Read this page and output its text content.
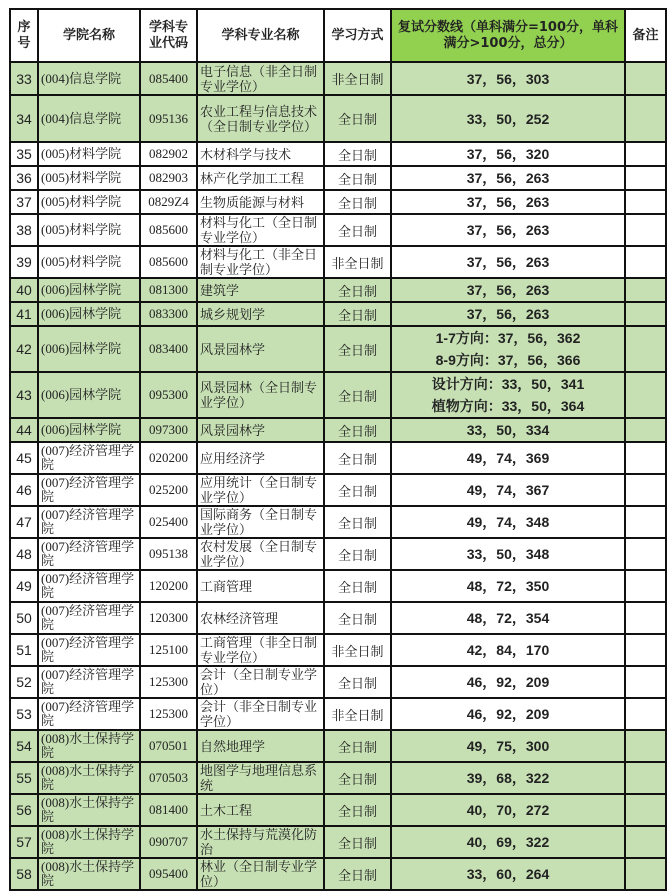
序号	学院名称	学科专业代码	学科专业名称	学习方式	复试分数线（单科满分=100分，单科满分>100分，总分）	备注
33	(004)信息学院	085400	电子信息（非全日制专业学位）	非全日制	37，56，303	

34	(004)信息学院	095136	农业工程与信息技术（全日制专业学位）	全日制	33，50，252	

35	(005)材料学院	082902	木材科学与技术	全日制	37，56，320	

36	(005)材料学院	082903	林产化学加工工程	全日制	37，56，263	

37	(005)材料学院	0829Z4	生物质能源与材料	全日制	37，56，263	

38	(005)材料学院	085600	材料与化工（全日制专业学位）	全日制	37，56，263	

39	(005)材料学院	085600	材料与化工（非全日制专业学位）	非全日制	37，56，263	

40	(006)园林学院	081300	建筑学	全日制	37，56，263	

41	(006)园林学院	083300	城乡规划学	全日制	37，56，263	

42	(006)园林学院	083400	风景园林学	全日制	1-7方向：37，56，362
8-9方向：37，56，366	

43	(006)园林学院	095300	风景园林（全日制专业学位）	全日制	设计方向：33，50，341
植物方向：33，50，364	

44	(006)园林学院	097300	风景园林学	全日制	33，50，334	

45	(007)经济管理学院	020200	应用经济学	全日制	49，74，369	

46	(007)经济管理学院	025200	应用统计（全日制专业学位）	全日制	49，74，367	

47	(007)经济管理学院	025400	国际商务（全日制专业学位）	全日制	49，74，348	

48	(007)经济管理学院	095138	农村发展（全日制专业学位）	全日制	33，50，348	

49	(007)经济管理学院	120200	工商管理	全日制	48，72，350	

50	(007)经济管理学院	120300	农林经济管理	全日制	48，72，354	

51	(007)经济管理学院	125100	工商管理（非全日制专业学位）	非全日制	42，84，170	

52	(007)经济管理学院	125300	会计（全日制专业学位）	全日制	46，92，209	

53	(007)经济管理学院	125300	会计（非全日制专业学位）	非全日制	46，92，209	

54	(008)水土保持学院	070501	自然地理学	全日制	49，75，300	

55	(008)水土保持学院	070503	地图学与地理信息系统	全日制	39，68，322	

56	(008)水土保持学院	081400	土木工程	全日制	40，70，272	

57	(008)水土保持学院	090707	水土保持与荒漠化防治	全日制	40，69，322	

58	(008)水土保持学院	095400	林业（全日制专业学位）	全日制	33，60，264	
